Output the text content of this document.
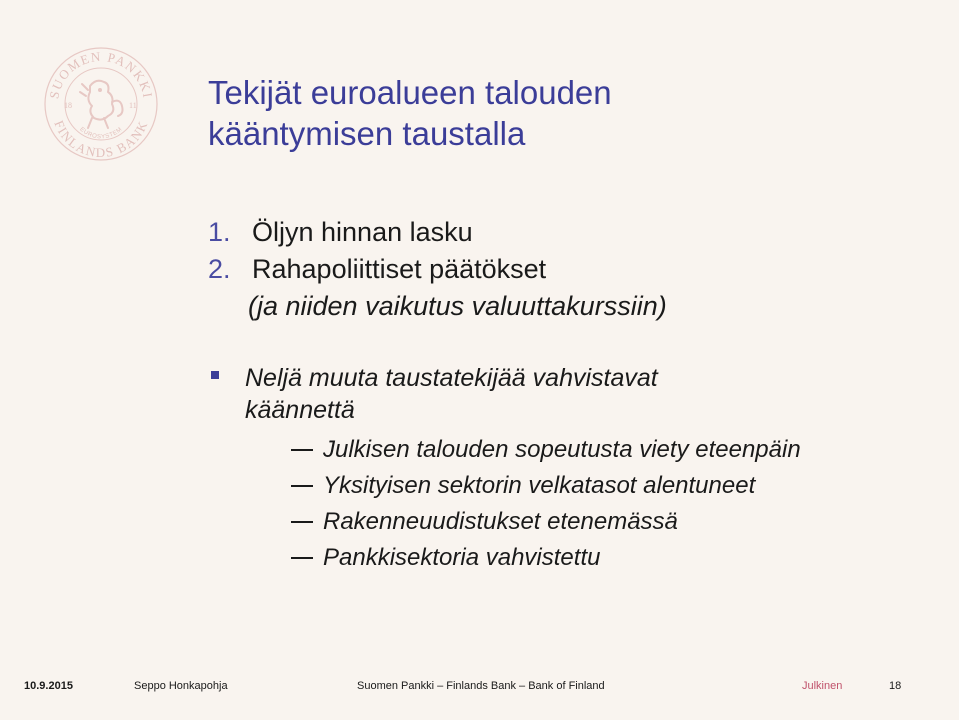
SUOMEN PANKKI
FINLANDS BANK
EUROSYSTEM
18	11 Tekijät euroalueen talouden
kääntymisen taustalla
1. Öljyn hinnan lasku
2. Rahapoliittiset päätökset
(ja niiden vaikutus valuuttakurssiin)
Neljä muuta taustatekijää vahvistavat
käännettä
Julkisen talouden sopeutusta viety eteenpäin
Yksityisen sektorin velkatasot alentuneet
Rakenneuudistukset etenemässä
Pankkisektoria vahvistettu
10.9.2015	Seppo Honkapohja	Suomen Pankki – Finlands Bank – Bank of Finland	Julkinen	18
